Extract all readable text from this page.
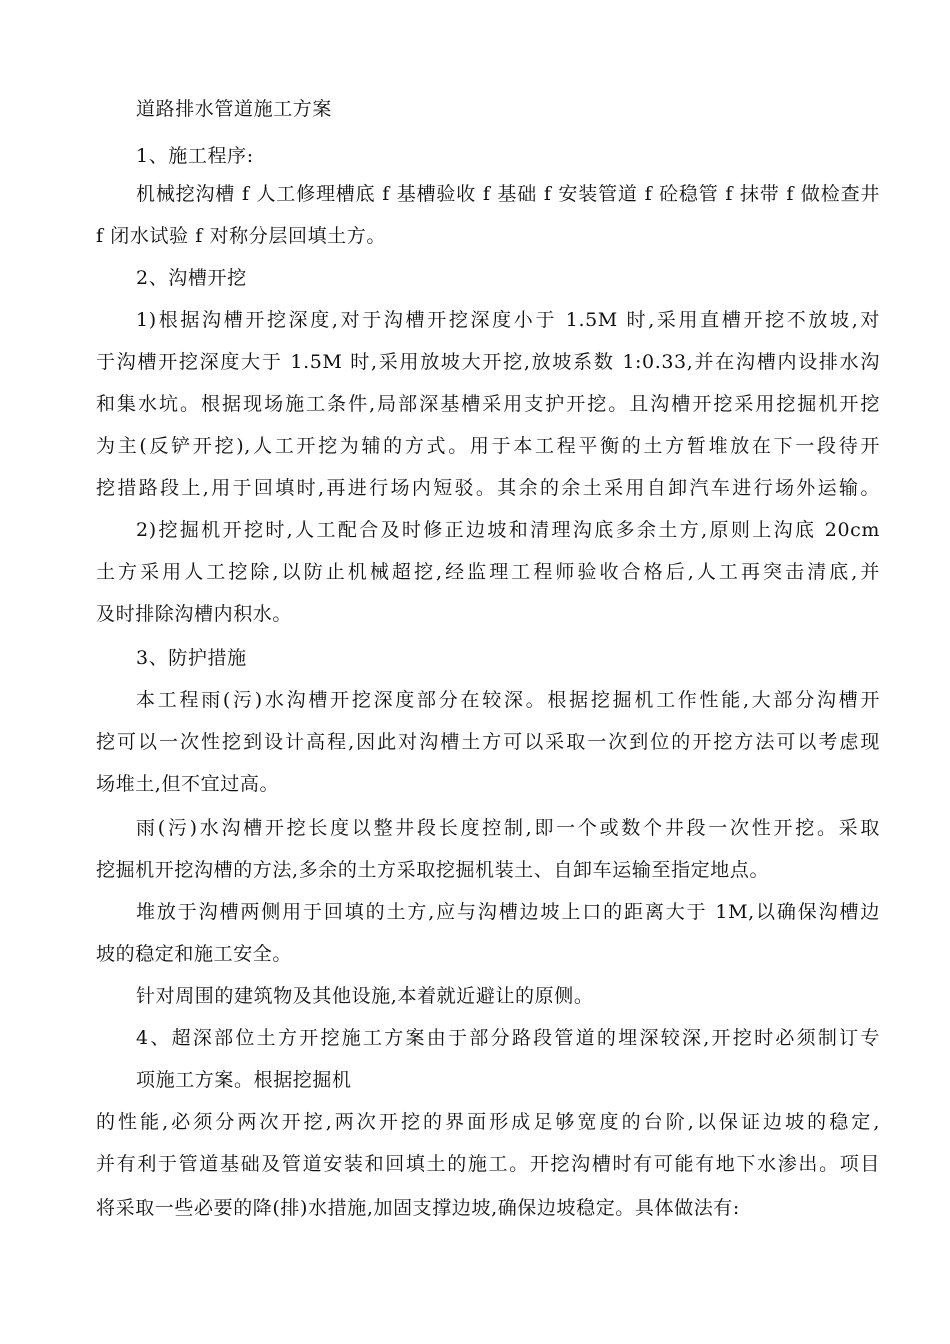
道路排水管道施工方案
1、施工程序:
机械挖沟槽 f 人工修理槽底 f 基槽验收 f 基础 f 安装管道 f 砼稳管 f 抹带 f 做检查井
f 闭水试验 f 对称分层回填土方。
2、沟槽开挖
1)根据沟槽开挖深度,对于沟槽开挖深度小于 1.5M 时,采用直槽开挖不放坡,对
于沟槽开挖深度大于 1.5M 时,采用放坡大开挖,放坡系数 1:0.33,并在沟槽内设排水沟
和集水坑。根据现场施工条件,局部深基槽采用支护开挖。且沟槽开挖采用挖掘机开挖
为主(反铲开挖),人工开挖为辅的方式。用于本工程平衡的土方暂堆放在下一段待开
挖措路段上,用于回填时,再进行场内短驳。其余的余土采用自卸汽车进行场外运输。
2)挖掘机开挖时,人工配合及时修正边坡和清理沟底多余土方,原则上沟底 20cm
土方采用人工挖除,以防止机械超挖,经监理工程师验收合格后,人工再突击清底,并
及时排除沟槽内积水。
3、防护措施
本工程雨(污)水沟槽开挖深度部分在较深。根据挖掘机工作性能,大部分沟槽开
挖可以一次性挖到设计高程,因此对沟槽土方可以采取一次到位的开挖方法可以考虑现
场堆土,但不宜过高。
雨(污)水沟槽开挖长度以整井段长度控制,即一个或数个井段一次性开挖。采取
挖掘机开挖沟槽的方法,多余的土方采取挖掘机装土、自卸车运输至指定地点。
堆放于沟槽两侧用于回填的土方,应与沟槽边坡上口的距离大于 1M,以确保沟槽边
坡的稳定和施工安全。
针对周围的建筑物及其他设施,本着就近避让的原侧。
4、超深部位土方开挖施工方案由于部分路段管道的埋深较深,开挖时必须制订专
项施工方案。根据挖掘机
的性能,必须分两次开挖,两次开挖的界面形成足够宽度的台阶,以保证边坡的稳定,
并有利于管道基础及管道安装和回填土的施工。开挖沟槽时有可能有地下水渗出。项目
将采取一些必要的降(排)水措施,加固支撑边坡,确保边坡稳定。具体做法有:
